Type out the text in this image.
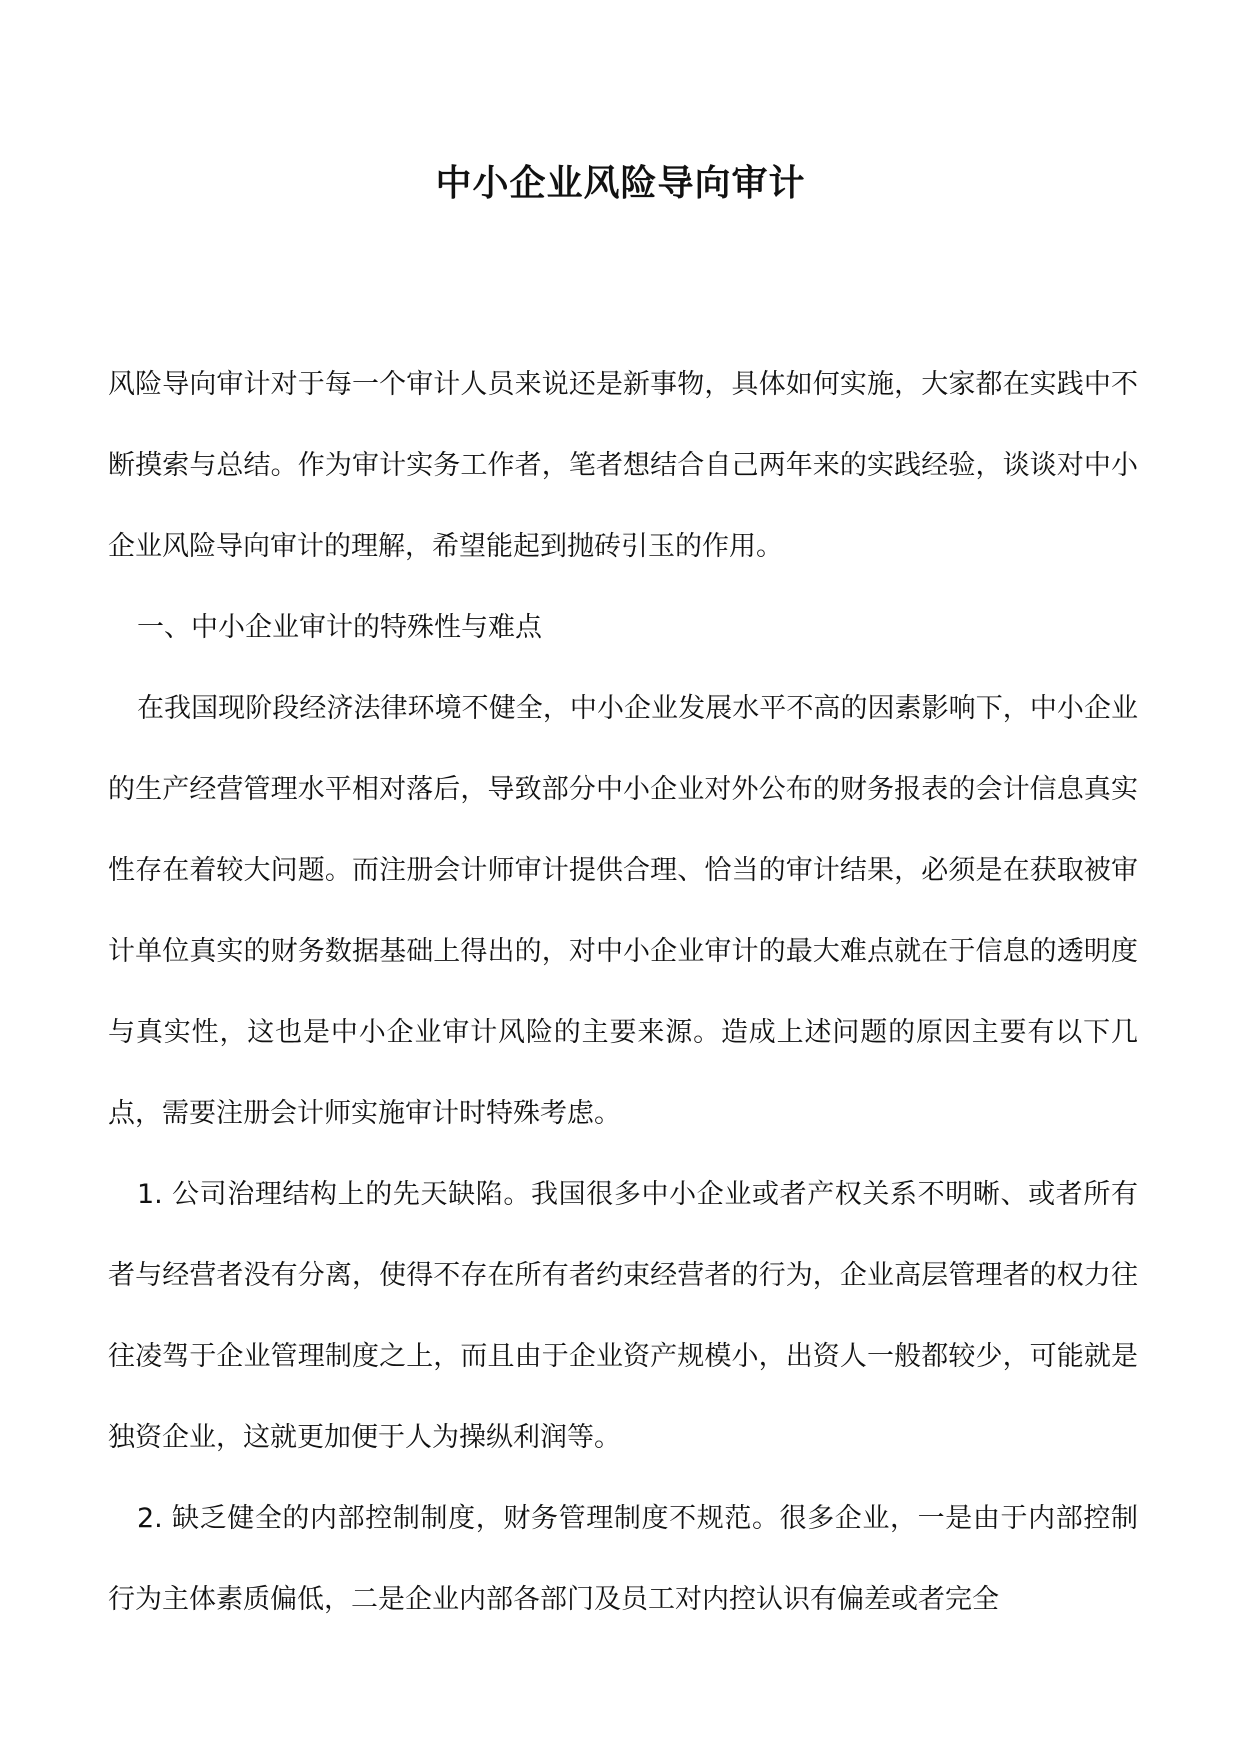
中小企业风险导向审计

风险导向审计对于每一个审计人员来说还是新事物，具体如何实施，大家都在实践中不断摸索与总结。作为审计实务工作者，笔者想结合自己两年来的实践经验，谈谈对中小企业风险导向审计的理解，希望能起到抛砖引玉的作用。

一、中小企业审计的特殊性与难点

在我国现阶段经济法律环境不健全，中小企业发展水平不高的因素影响下，中小企业的生产经营管理水平相对落后，导致部分中小企业对外公布的财务报表的会计信息真实性存在着较大问题。而注册会计师审计提供合理、恰当的审计结果，必须是在获取被审计单位真实的财务数据基础上得出的，对中小企业审计的最大难点就在于信息的透明度与真实性，这也是中小企业审计风险的主要来源。造成上述问题的原因主要有以下几点，需要注册会计师实施审计时特殊考虑。

1. 公司治理结构上的先天缺陷。我国很多中小企业或者产权关系不明晰、或者所有者与经营者没有分离，使得不存在所有者约束经营者的行为，企业高层管理者的权力往往凌驾于企业管理制度之上，而且由于企业资产规模小，出资人一般都较少，可能就是独资企业，这就更加便于人为操纵利润等。

2. 缺乏健全的内部控制制度，财务管理制度不规范。很多企业，一是由于内部控制行为主体素质偏低，二是企业内部各部门及员工对内控认识有偏差或者完全
